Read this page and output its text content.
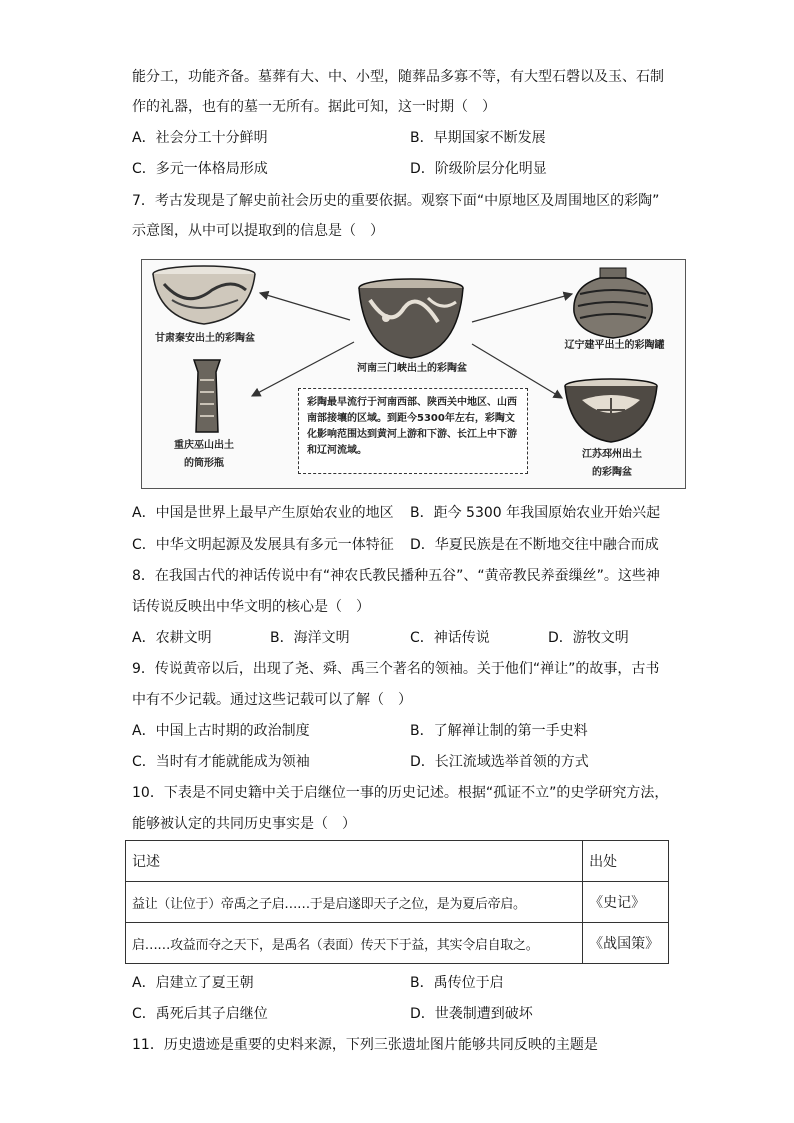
能分工，功能齐备。墓葬有大、中、小型，随葬品多寡不等，有大型石磬以及玉、石制
作的礼器，也有的墓一无所有。据此可知，这一时期（　）
A．社会分工十分鲜明	B．早期国家不断发展
C．多元一体格局形成	D．阶级阶层分化明显
7．考古发现是了解史前社会历史的重要依据。观察下面“中原地区及周围地区的彩陶”
示意图，从中可以提取到的信息是（　）
甘肃秦安出土的彩陶盆
河南三门峡出土的彩陶盆
辽宁建平出土的彩陶罐
重庆巫山出土
的筒形瓶
江苏邳州出土
的彩陶盆
彩陶最早流行于河南西部、陕西关中地区、山西南部接壤的区域。到距今5300年左右，彩陶文化影响范围达到黄河上游和下游、长江上中下游和辽河流域。
A．中国是世界上最早产生原始农业的地区 B．距今 5300 年我国原始农业开始兴起
C．中华文明起源及发展具有多元一体特征 D．华夏民族是在不断地交往中融合而成
8．在我国古代的神话传说中有“神农氏教民播种五谷”、“黄帝教民养蚕缫丝”。这些神
话传说反映出中华文明的核心是（　）
A．农耕文明	B．海洋文明	C．神话传说	D．游牧文明
9．传说黄帝以后，出现了尧、舜、禹三个著名的领袖。关于他们“禅让”的故事，古书
中有不少记载。通过这些记载可以了解（　）
A．中国上古时期的政治制度	B．了解禅让制的第一手史料
C．当时有才能就能成为领袖	D．长江流域选举首领的方式
10．下表是不同史籍中关于启继位一事的历史记述。根据“孤证不立”的史学研究方法，
能够被认定的共同历史事实是（　）
记述	出处
益让（让位于）帝禹之子启……于是启遂即天子之位，是为夏后帝启。	《史记》
启……攻益而夺之天下，是禹名（表面）传天下于益，其实令启自取之。	《战国策》
A．启建立了夏王朝	B．禹传位于启
C．禹死后其子启继位	D．世袭制遭到破坏
11．历史遗迹是重要的史料来源，下列三张遗址图片能够共同反映的主题是
